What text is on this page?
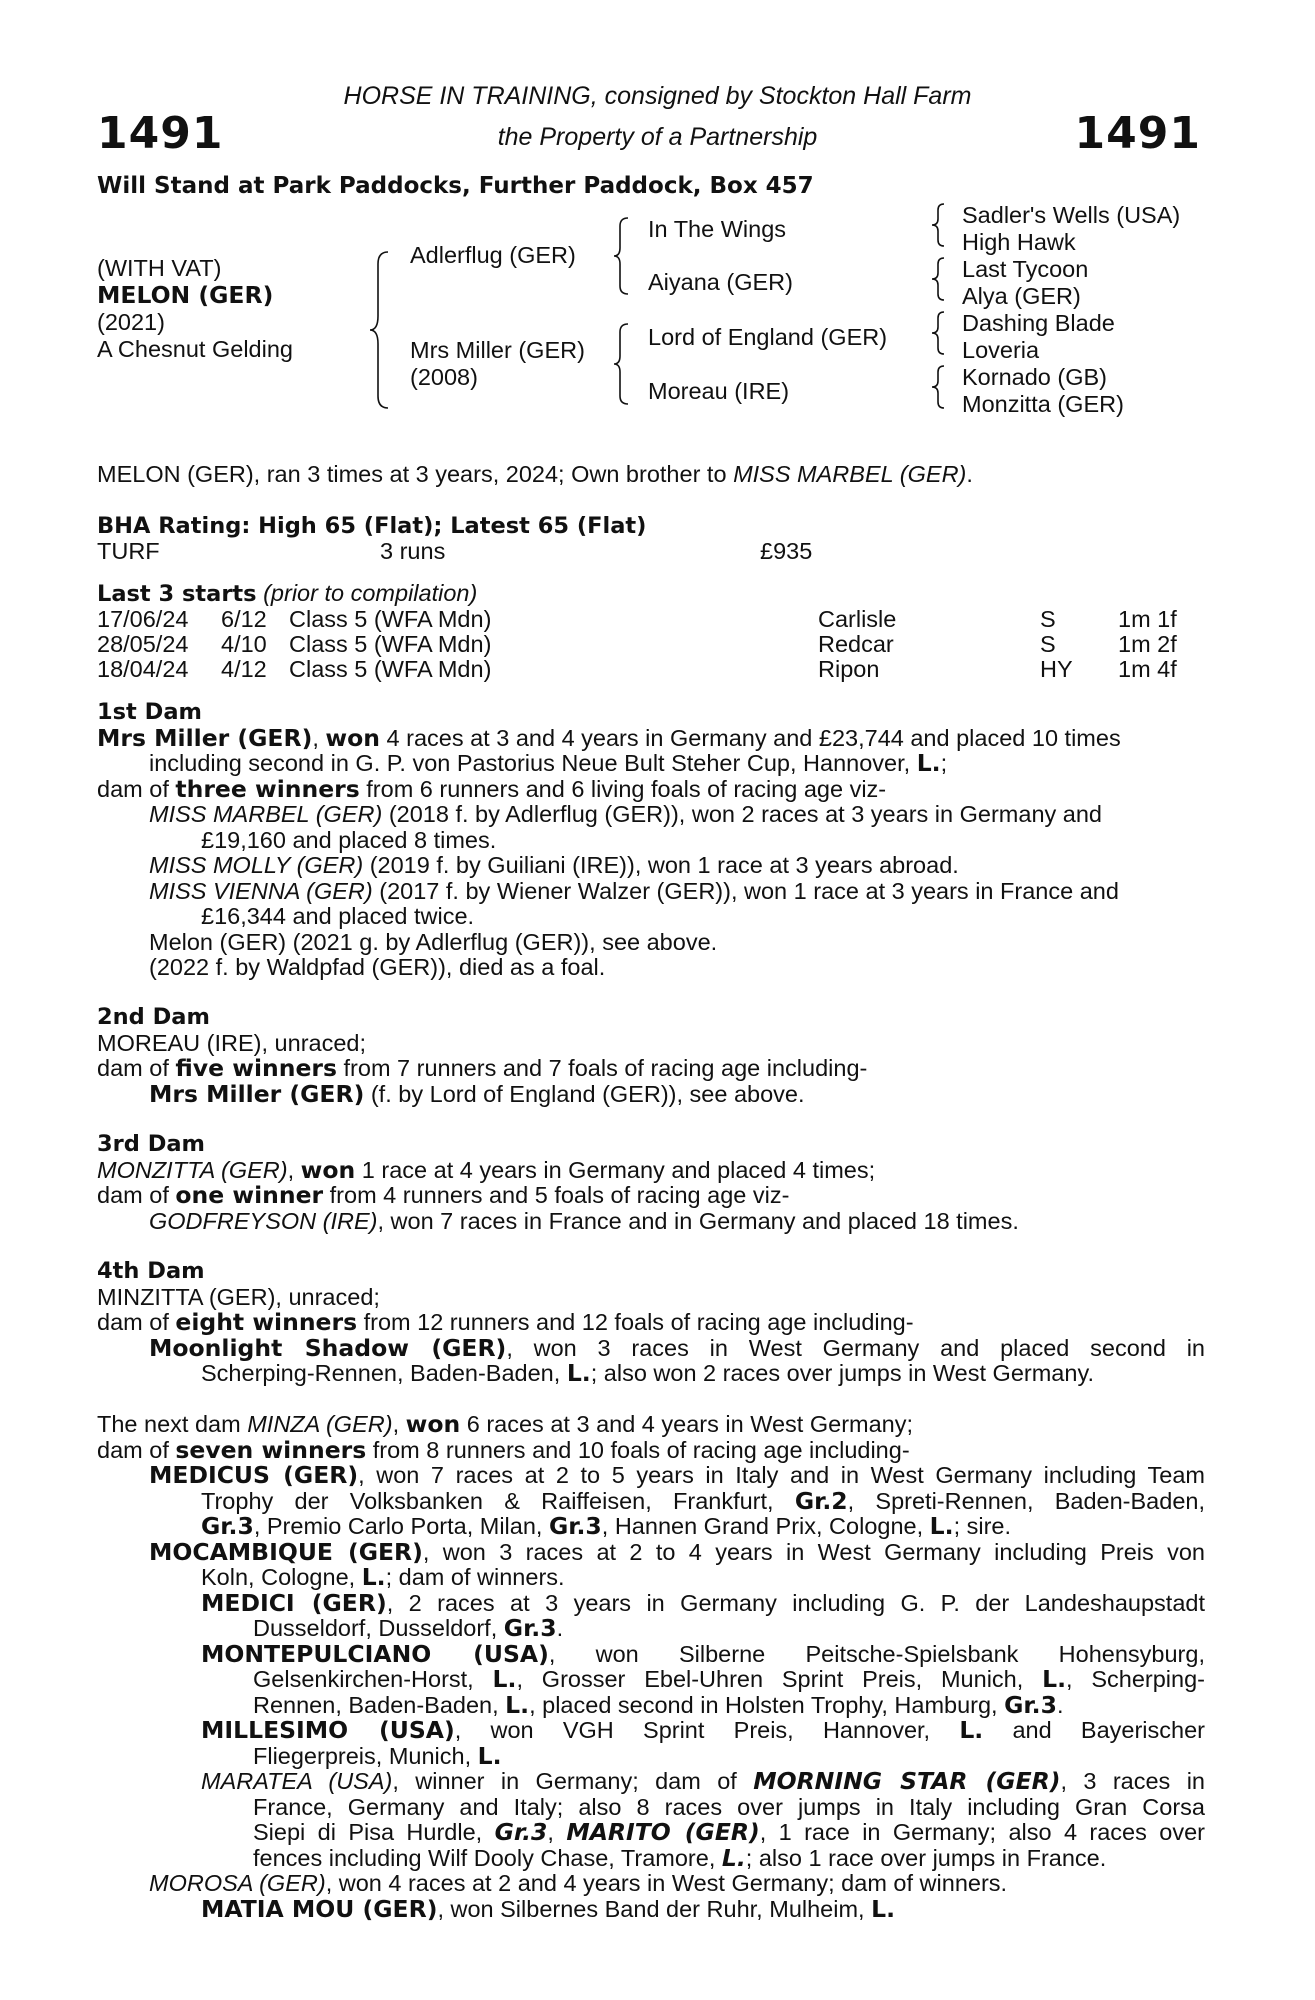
1491	1491
HORSE IN TRAINING, consigned by Stockton Hall Farm
the Property of a Partnership
Will Stand at Park Paddocks, Further Paddock, Box 457
(WITH VAT)
MELON (GER)
(2021)
A Chesnut Gelding
Adlerflug (GER)
Mrs Miller (GER)
(2008)
In The Wings
Aiyana (GER)
Lord of England (GER)
Moreau (IRE)
Sadler's Wells (USA)
High Hawk
Last Tycoon
Alya (GER)
Dashing Blade
Loveria
Kornado (GB)
Monzitta (GER)
MELON (GER), ran 3 times at 3 years, 2024; Own brother to MISS MARBEL (GER).
BHA Rating: High 65 (Flat); Latest 65 (Flat)
TURF	3 runs	£935
Last 3 starts (prior to compilation)
17/06/24 6/12 Class 5 (WFA Mdn)	Carlisle	S	1m 1f
28/05/24 4/10 Class 5 (WFA Mdn)	Redcar	S	1m 2f
18/04/24 4/12 Class 5 (WFA Mdn)	Ripon	HY 1m 4f
1st Dam
Mrs Miller (GER), won 4 races at 3 and 4 years in Germany and £23,744 and placed 10 times
including second in G. P. von Pastorius Neue Bult Steher Cup, Hannover, L.;
dam of three winners from 6 runners and 6 living foals of racing age viz-
MISS MARBEL (GER) (2018 f. by Adlerflug (GER)), won 2 races at 3 years in Germany and
£19,160 and placed 8 times.
MISS MOLLY (GER) (2019 f. by Guiliani (IRE)), won 1 race at 3 years abroad.
MISS VIENNA (GER) (2017 f. by Wiener Walzer (GER)), won 1 race at 3 years in France and
£16,344 and placed twice.
Melon (GER) (2021 g. by Adlerflug (GER)), see above.
(2022 f. by Waldpfad (GER)), died as a foal.
2nd Dam
MOREAU (IRE), unraced;
dam of five winners from 7 runners and 7 foals of racing age including-
Mrs Miller (GER) (f. by Lord of England (GER)), see above.
3rd Dam
MONZITTA (GER), won 1 race at 4 years in Germany and placed 4 times;
dam of one winner from 4 runners and 5 foals of racing age viz-
GODFREYSON (IRE), won 7 races in France and in Germany and placed 18 times.
4th Dam
MINZITTA (GER), unraced;
dam of eight winners from 12 runners and 12 foals of racing age including-
Moonlight Shadow (GER), won 3 races in West Germany and placed second in
Scherping-Rennen, Baden-Baden, L.; also won 2 races over jumps in West Germany.
The next dam MINZA (GER), won 6 races at 3 and 4 years in West Germany;
dam of seven winners from 8 runners and 10 foals of racing age including-
MEDICUS (GER), won 7 races at 2 to 5 years in Italy and in West Germany including Team
Trophy der Volksbanken & Raiffeisen, Frankfurt, Gr.2, Spreti-Rennen, Baden-Baden,
Gr.3, Premio Carlo Porta, Milan, Gr.3, Hannen Grand Prix, Cologne, L.; sire.
MOCAMBIQUE (GER), won 3 races at 2 to 4 years in West Germany including Preis von
Koln, Cologne, L.; dam of winners.
MEDICI (GER), 2 races at 3 years in Germany including G. P. der Landeshaupstadt
Dusseldorf, Dusseldorf, Gr.3.
MONTEPULCIANO (USA), won Silberne Peitsche-Spielsbank Hohensyburg,
Gelsenkirchen-Horst, L., Grosser Ebel-Uhren Sprint Preis, Munich, L., Scherping-
Rennen, Baden-Baden, L., placed second in Holsten Trophy, Hamburg, Gr.3.
MILLESIMO (USA), won VGH Sprint Preis, Hannover, L. and Bayerischer
Fliegerpreis, Munich, L.
MARATEA (USA), winner in Germany; dam of MORNING STAR (GER), 3 races in
France, Germany and Italy; also 8 races over jumps in Italy including Gran Corsa
Siepi di Pisa Hurdle, Gr.3, MARITO (GER), 1 race in Germany; also 4 races over
fences including Wilf Dooly Chase, Tramore, L.; also 1 race over jumps in France.
MOROSA (GER), won 4 races at 2 and 4 years in West Germany; dam of winners.
MATIA MOU (GER), won Silbernes Band der Ruhr, Mulheim, L.
